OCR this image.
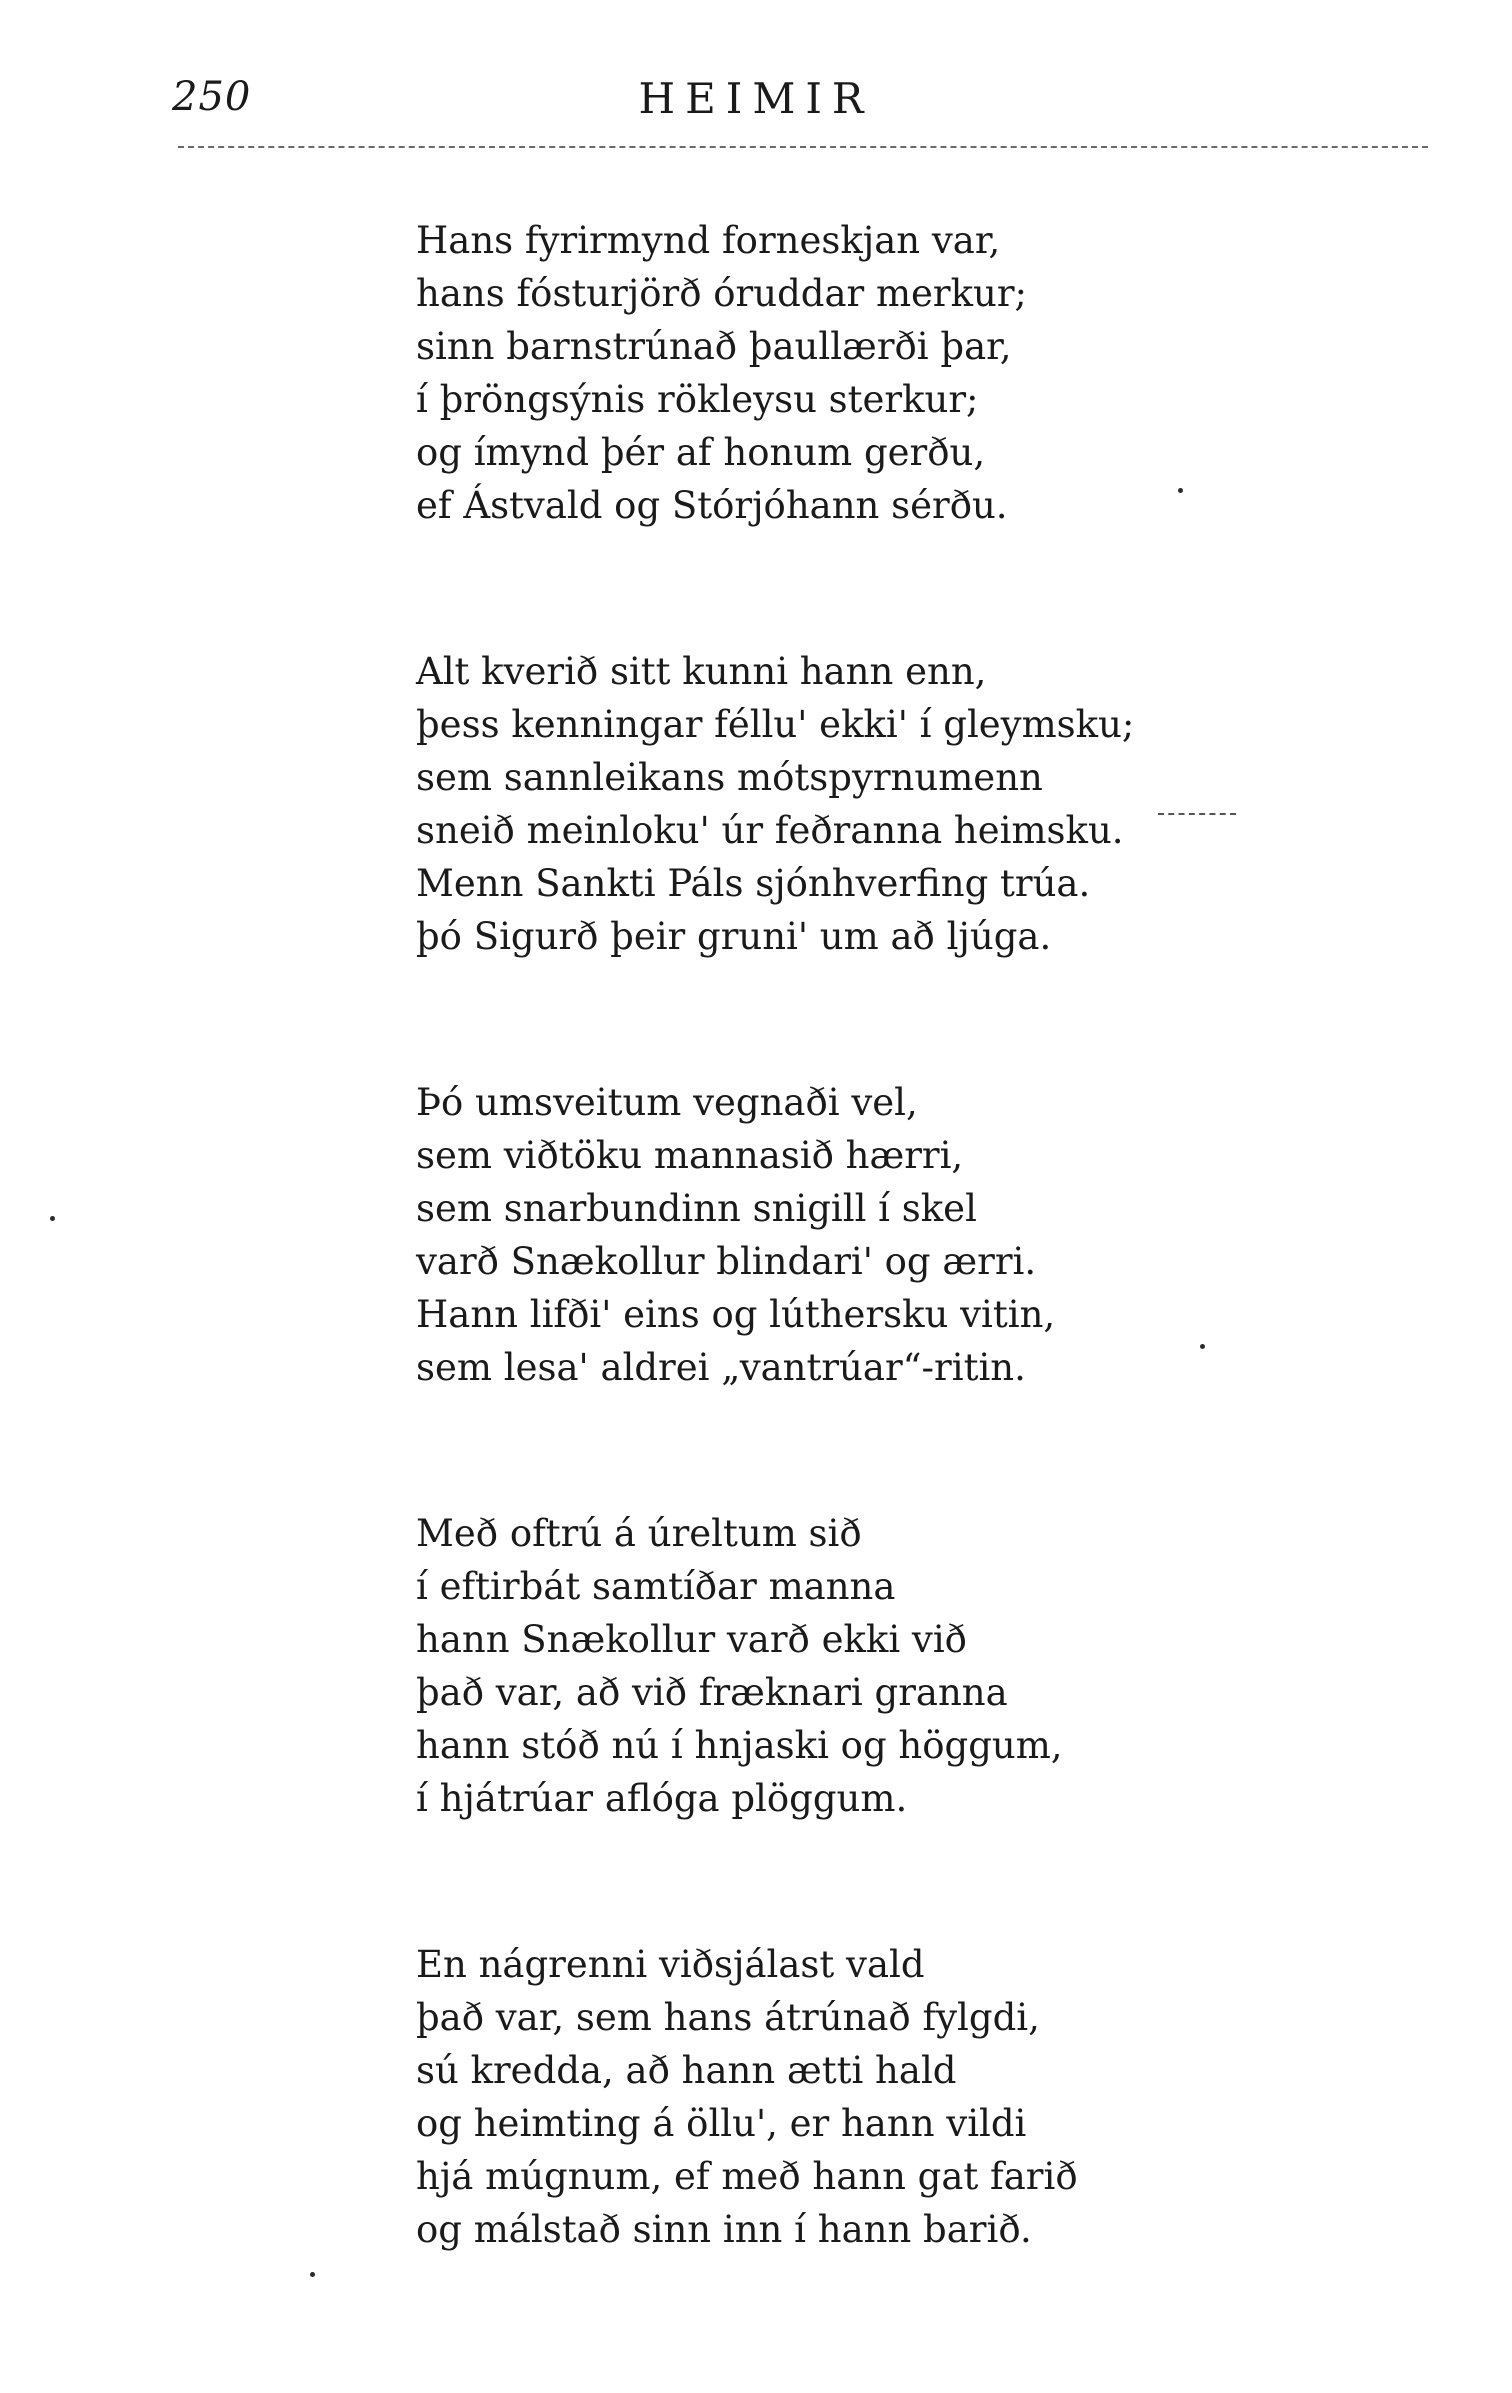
250	HEIMIR
Hans fyrirmynd forneskjan var,
hans fósturjörð óruddar merkur;
sinn barnstrúnað þaullærði þar,
í þröngsýnis rökleysu sterkur;
og ímynd þér af honum gerðu,
ef Ástvald og Stórjóhann sérðu.
Alt kverið sitt kunni hann enn,
þess kenningar féllu' ekki' í gleymsku;
sem sannleikans mótspyrnumenn
sneið meinloku' úr feðranna heimsku.
Menn Sankti Páls sjónhverfing trúa.
þó Sigurð þeir gruni' um að ljúga.
Þó umsveitum vegnaði vel,
sem viðtöku mannasið hærri,
sem snarbundinn snigill í skel
varð Snækollur blindari' og ærri.
Hann lifði' eins og lúthersku vitin,
sem lesa' aldrei „vantrúar“-ritin.
Með oftrú á úreltum sið
í eftirbát samtíðar manna
hann Snækollur varð ekki við
það var, að við fræknari granna
hann stóð nú í hnjaski og höggum,
í hjátrúar aflóga plöggum.
En nágrenni viðsjálast vald
það var, sem hans átrúnað fylgdi,
sú kredda, að hann ætti hald
og heimting á öllu', er hann vildi
hjá múgnum, ef með hann gat farið
og málstað sinn inn í hann barið.
